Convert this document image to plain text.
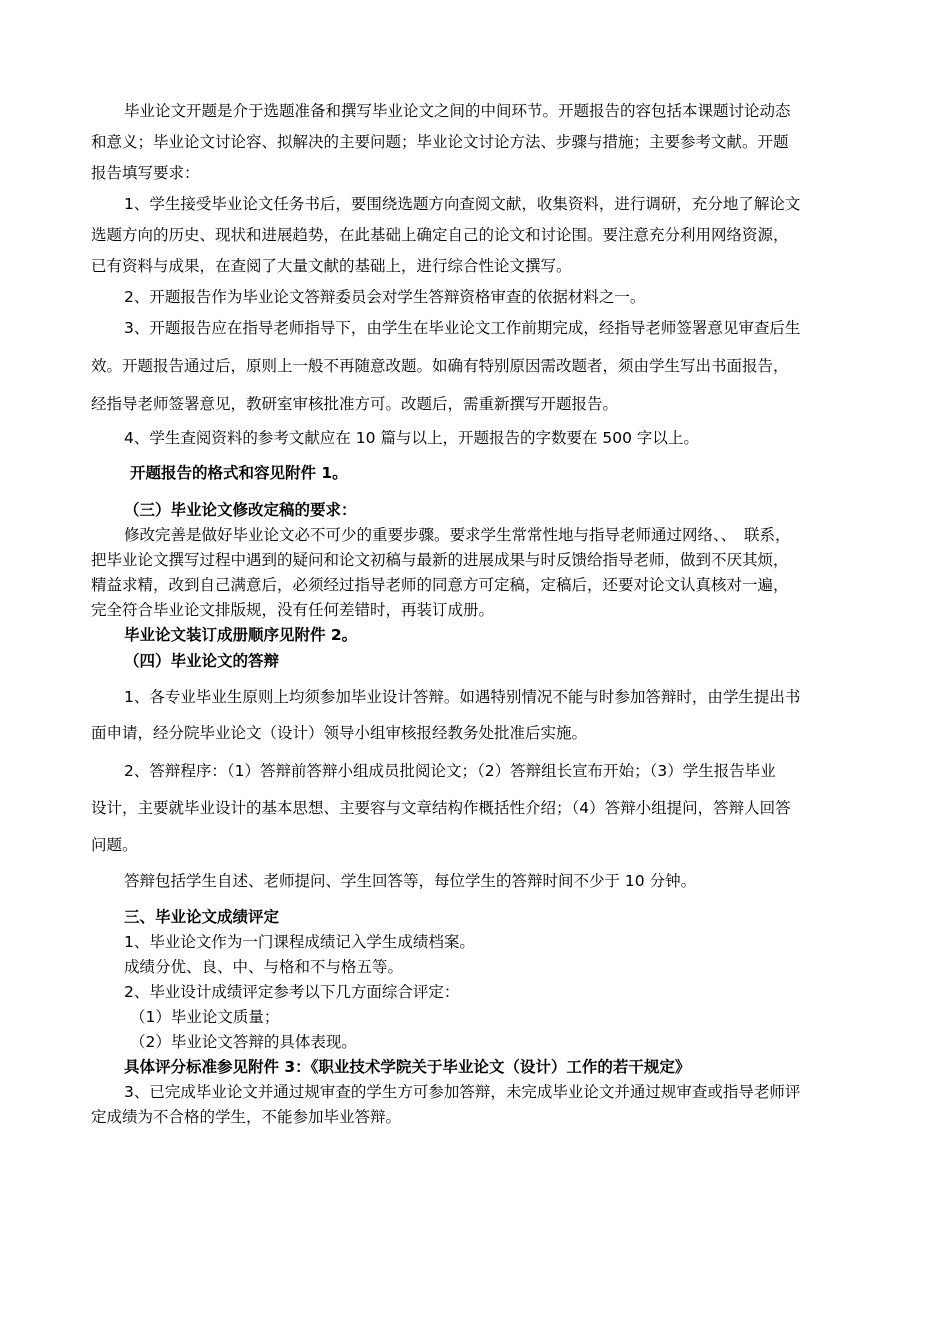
毕业论文开题是介于选题准备和撰写毕业论文之间的中间环节。开题报告的容包括本课题讨论动态
和意义；毕业论文讨论容、拟解决的主要问题；毕业论文讨论方法、步骤与措施；主要参考文献。开题
报告填写要求：
1、学生接受毕业论文任务书后，要围绕选题方向查阅文献，收集资料，进行调研，充分地了解论文
选题方向的历史、现状和进展趋势，在此基础上确定自己的论文和讨论围。要注意充分利用网络资源，
已有资料与成果，在查阅了大量文献的基础上，进行综合性论文撰写。
2、开题报告作为毕业论文答辩委员会对学生答辩资格审查的依据材料之一。
3、开题报告应在指导老师指导下，由学生在毕业论文工作前期完成，经指导老师签署意见审查后生
效。开题报告通过后，原则上一般不再随意改题。如确有特别原因需改题者，须由学生写出书面报告，
经指导老师签署意见，教研室审核批准方可。改题后，需重新撰写开题报告。
4、学生查阅资料的参考文献应在 10 篇与以上，开题报告的字数要在 500 字以上。
开题报告的格式和容见附件 1。
（三）毕业论文修改定稿的要求：
修改完善是做好毕业论文必不可少的重要步骤。要求学生常常性地与指导老师通过网络、、　联系，
把毕业论文撰写过程中遇到的疑问和论文初稿与最新的进展成果与时反馈给指导老师，做到不厌其烦，
精益求精，改到自己满意后，必须经过指导老师的同意方可定稿，定稿后，还要对论文认真核对一遍，
完全符合毕业论文排版规，没有任何差错时，再装订成册。
毕业论文装订成册顺序见附件 2。
（四）毕业论文的答辩
1、各专业毕业生原则上均须参加毕业设计答辩。如遇特别情况不能与时参加答辩时，由学生提出书
面申请，经分院毕业论文（设计）领导小组审核报经教务处批准后实施。
2、答辩程序：（1）答辩前答辩小组成员批阅论文；（2）答辩组长宣布开始；（3）学生报告毕业
设计，主要就毕业设计的基本思想、主要容与文章结构作概括性介绍；（4）答辩小组提问，答辩人回答
问题。
答辩包括学生自述、老师提问、学生回答等，每位学生的答辩时间不少于 10 分钟。
三、毕业论文成绩评定
1、毕业论文作为一门课程成绩记入学生成绩档案。
成绩分优、良、中、与格和不与格五等。
2、毕业设计成绩评定参考以下几方面综合评定：
（1）毕业论文质量；
（2）毕业论文答辩的具体表现。
具体评分标准参见附件 3：《职业技术学院关于毕业论文（设计）工作的若干规定》
3、已完成毕业论文并通过规审查的学生方可参加答辩，未完成毕业论文并通过规审查或指导老师评
定成绩为不合格的学生，不能参加毕业答辩。
